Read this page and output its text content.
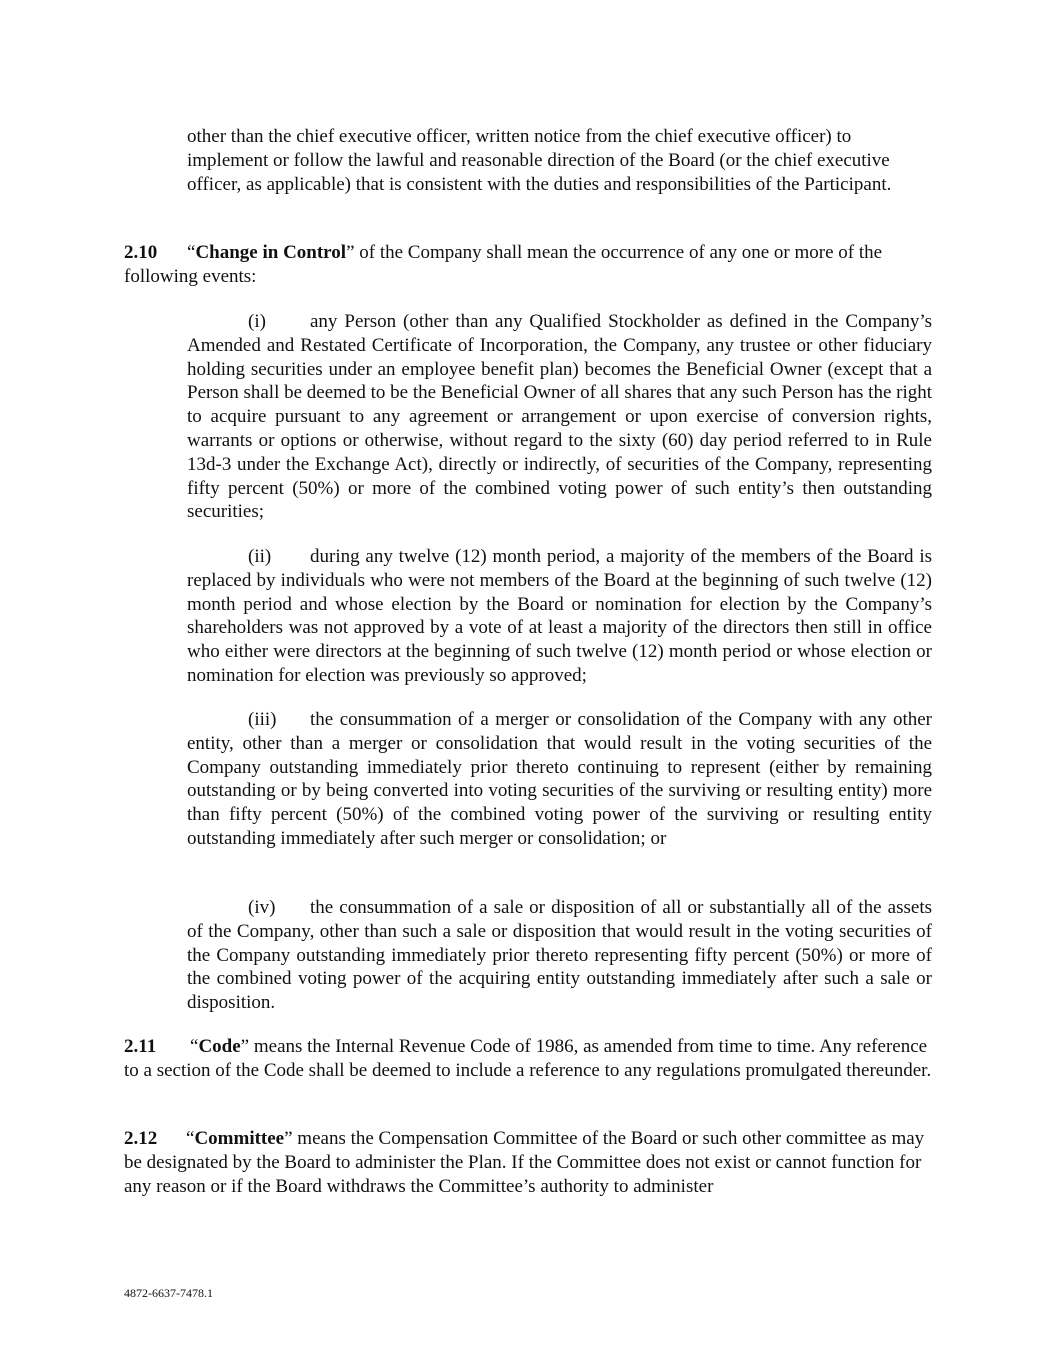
other than the chief executive officer, written notice from the chief executive officer) to implement or follow the lawful and reasonable direction of the Board (or the chief executive officer, as applicable) that is consistent with the duties and responsibilities of the Participant.

2.10 “Change in Control” of the Company shall mean the occurrence of any one or more of the following events:

(i) any Person (other than any Qualified Stockholder as defined in the Company’s Amended and Restated Certificate of Incorporation, the Company, any trustee or other fiduciary holding securities under an employee benefit plan) becomes the Beneficial Owner (except that a Person shall be deemed to be the Beneficial Owner of all shares that any such Person has the right to acquire pursuant to any agreement or arrangement or upon exercise of conversion rights, warrants or options or otherwise, without regard to the sixty (60) day period referred to in Rule 13d-3 under the Exchange Act), directly or indirectly, of securities of the Company, representing fifty percent (50%) or more of the combined voting power of such entity’s then outstanding securities;

(ii) during any twelve (12) month period, a majority of the members of the Board is replaced by individuals who were not members of the Board at the beginning of such twelve (12) month period and whose election by the Board or nomination for election by the Company’s shareholders was not approved by a vote of at least a majority of the directors then still in office who either were directors at the beginning of such twelve (12) month period or whose election or nomination for election was previously so approved;

(iii) the consummation of a merger or consolidation of the Company with any other entity, other than a merger or consolidation that would result in the voting securities of the Company outstanding immediately prior thereto continuing to represent (either by remaining outstanding or by being converted into voting securities of the surviving or resulting entity) more than fifty percent (50%) of the combined voting power of the surviving or resulting entity outstanding immediately after such merger or consolidation; or

(iv) the consummation of a sale or disposition of all or substantially all of the assets of the Company, other than such a sale or disposition that would result in the voting securities of the Company outstanding immediately prior thereto representing fifty percent (50%) or more of the combined voting power of the acquiring entity outstanding immediately after such a sale or disposition.

2.11 “Code” means the Internal Revenue Code of 1986, as amended from time to time. Any reference to a section of the Code shall be deemed to include a reference to any regulations promulgated thereunder.

2.12 “Committee” means the Compensation Committee of the Board or such other committee as may be designated by the Board to administer the Plan. If the Committee does not exist or cannot function for any reason or if the Board withdraws the Committee’s authority to administer

4872-6637-7478.1
